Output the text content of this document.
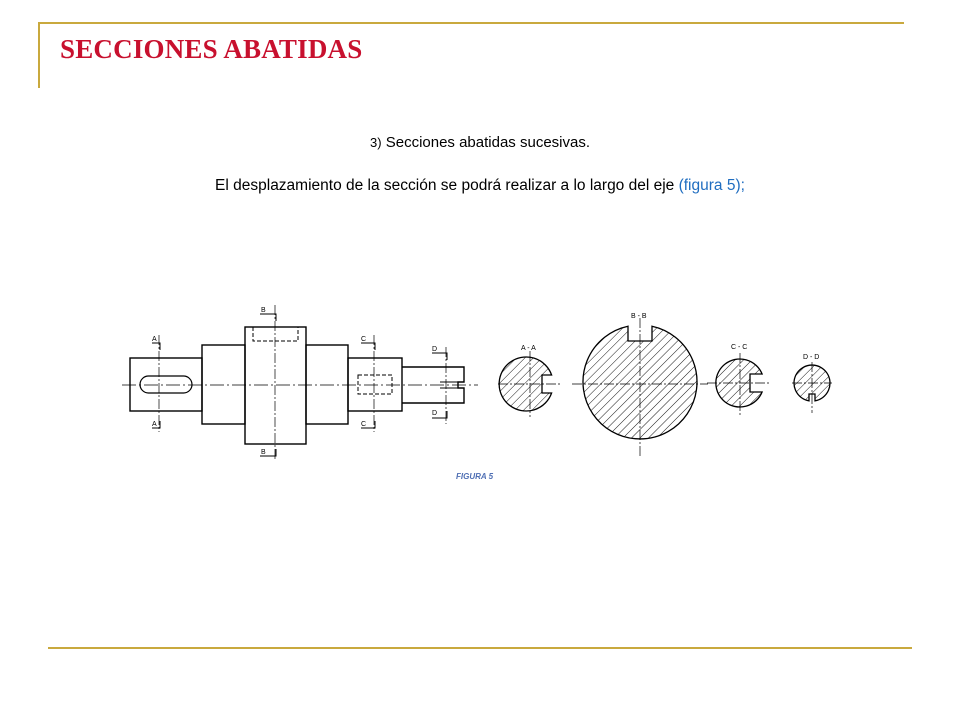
SECCIONES ABATIDAS
3) Secciones abatidas sucesivas.
El desplazamiento de la sección se podrá realizar a lo largo del eje (figura 5);
A
A
B
B
C
C
D
D
A - A
B - B
C - C
D - D
FIGURA 5
